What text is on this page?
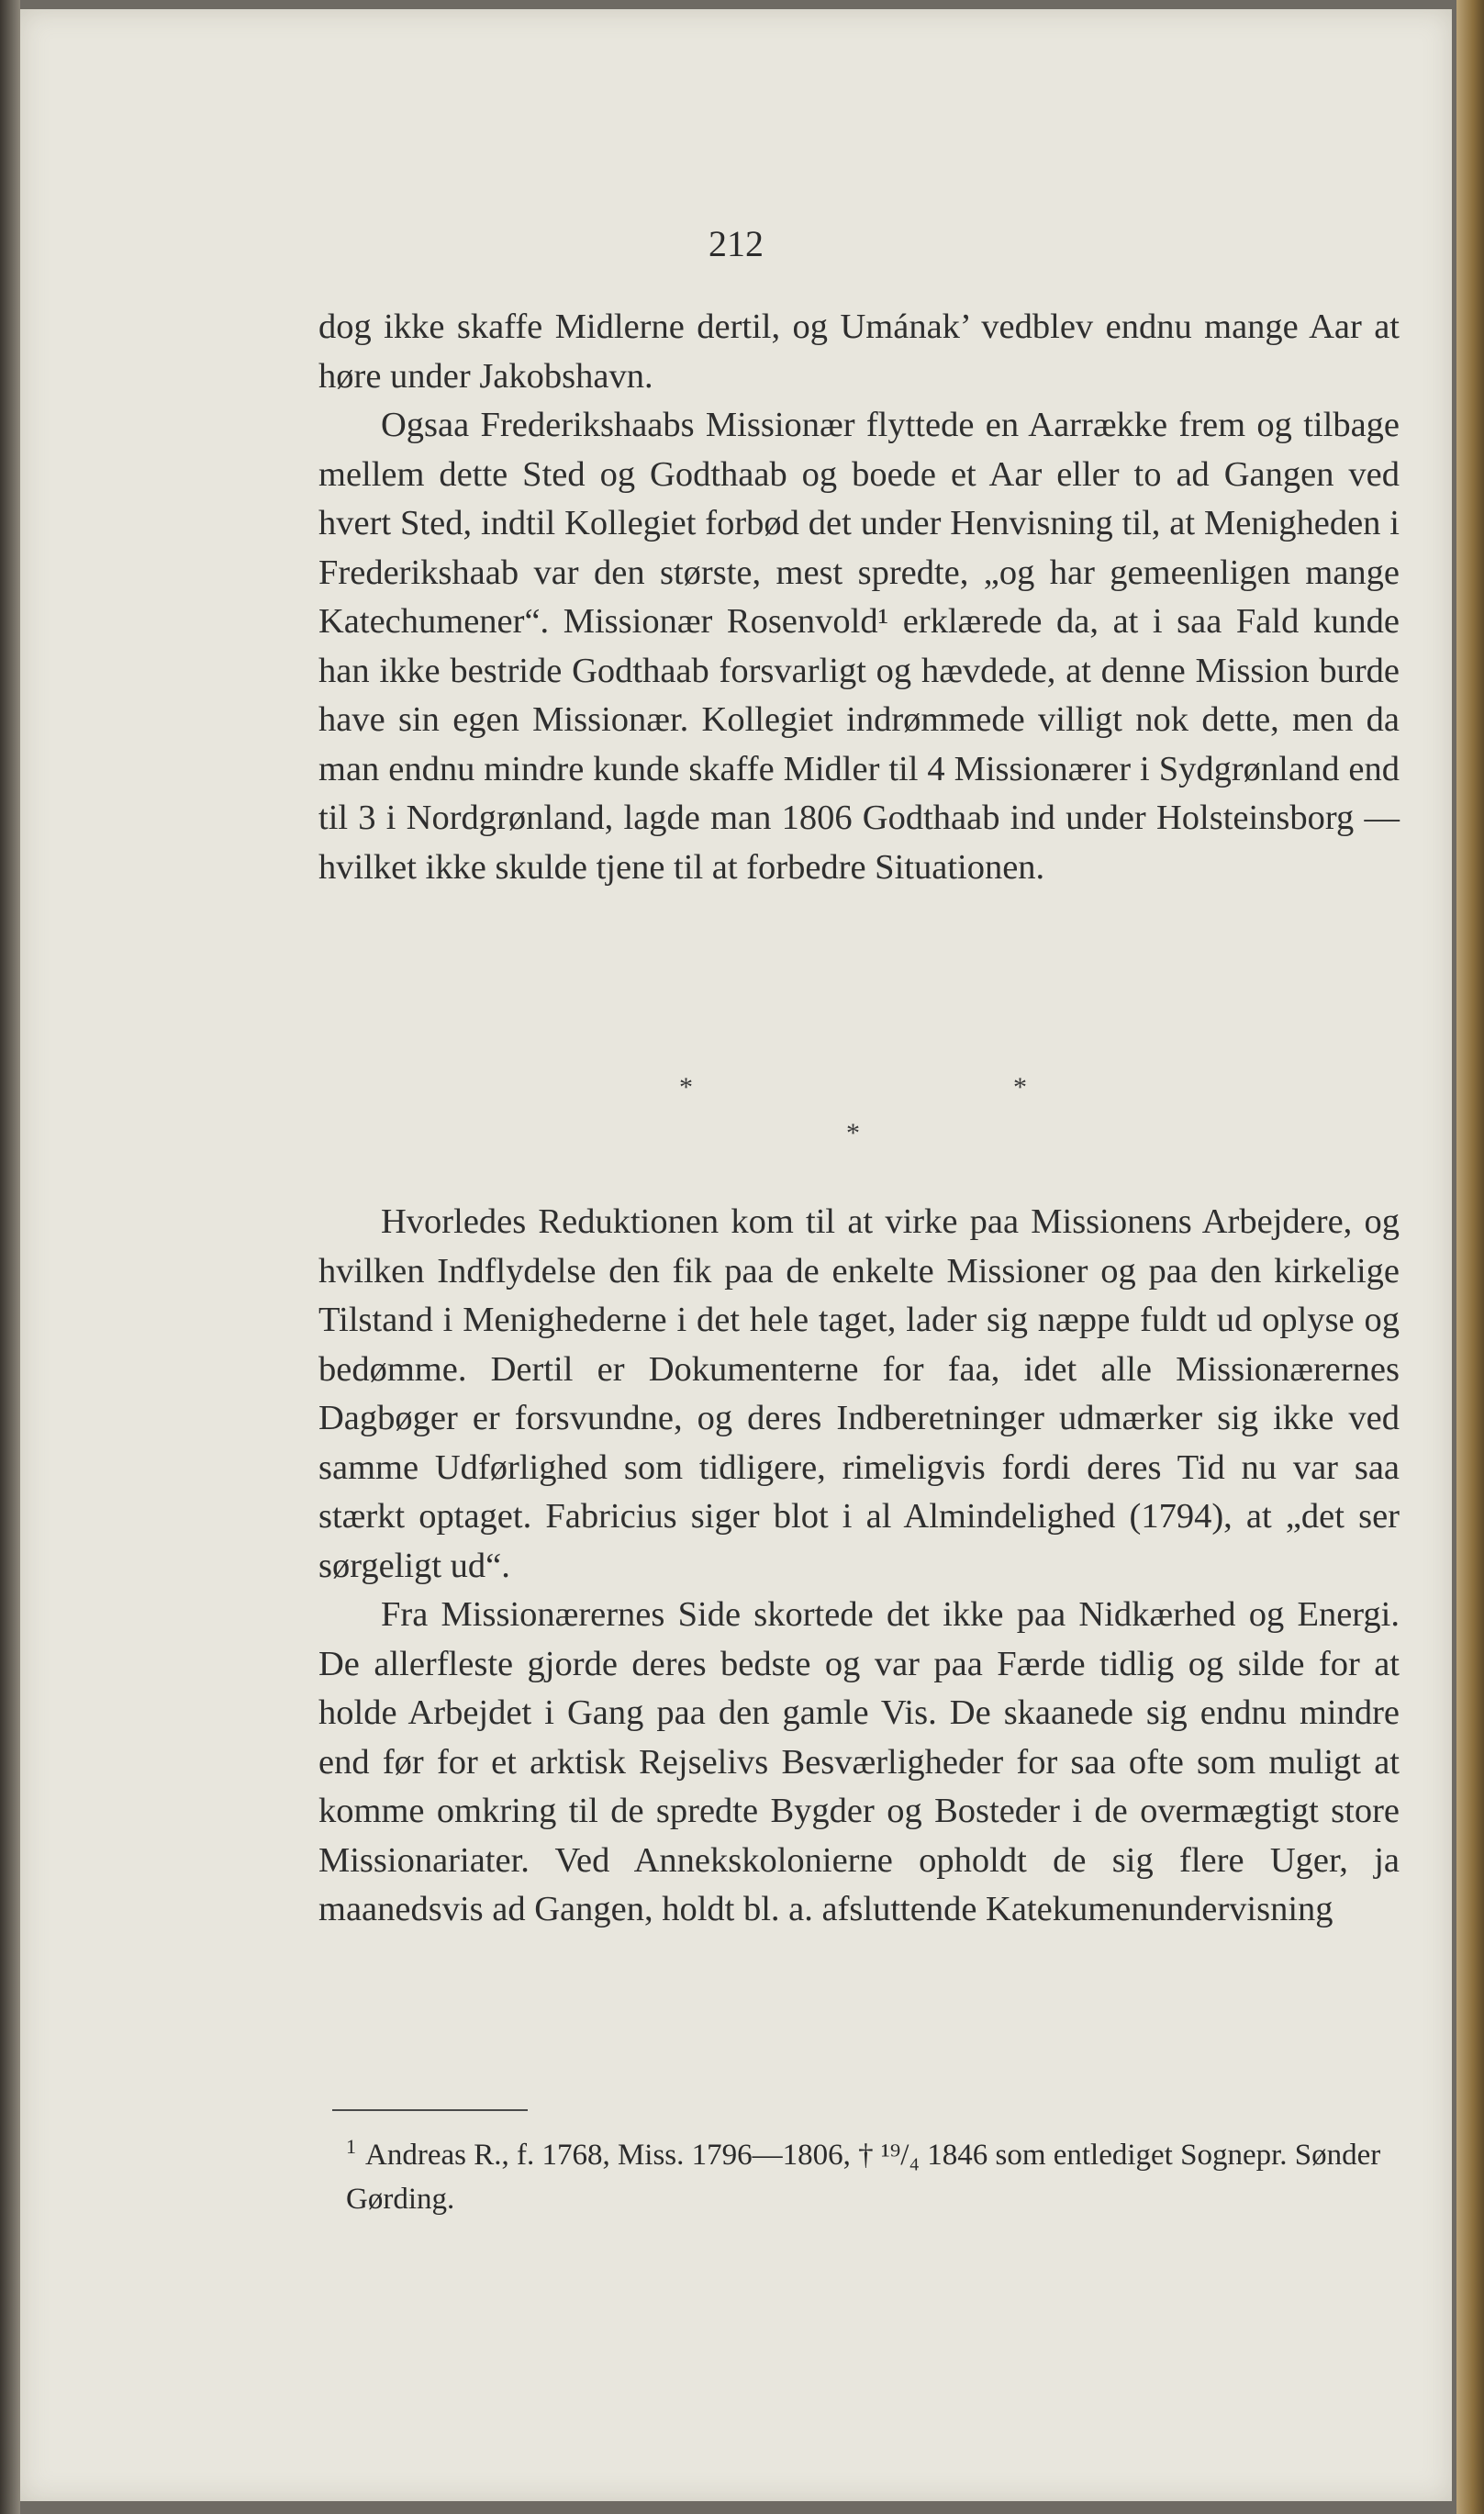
212

dog ikke skaffe Midlerne dertil, og Umának’ vedblev endnu mange Aar at høre under Jakobshavn.

Ogsaa Frederikshaabs Missionær flyttede en Aarrække frem og tilbage mellem dette Sted og Godthaab og boede et Aar eller to ad Gangen ved hvert Sted, indtil Kollegiet forbød det under Henvisning til, at Menigheden i Frederikshaab var den største, mest spredte, „og har gemeenligen mange Katechumener“. Missionær Rosenvold¹ erklærede da, at i saa Fald kunde han ikke bestride Godthaab forsvarligt og hævdede, at denne Mission burde have sin egen Missionær. Kollegiet indrømmede villigt nok dette, men da man endnu mindre kunde skaffe Midler til 4 Missionærer i Sydgrønland end til 3 i Nordgrønland, lagde man 1806 Godthaab ind under Holsteinsborg — hvilket ikke skulde tjene til at forbedre Situationen.

*	*
*

Hvorledes Reduktionen kom til at virke paa Missionens Arbejdere, og hvilken Indflydelse den fik paa de enkelte Missioner og paa den kirkelige Tilstand i Menighederne i det hele taget, lader sig næppe fuldt ud oplyse og bedømme. Dertil er Dokumenterne for faa, idet alle Missionærernes Dagbøger er forsvundne, og deres Indberetninger udmærker sig ikke ved samme Udførlighed som tidligere, rimeligvis fordi deres Tid nu var saa stærkt optaget. Fabricius siger blot i al Almindelighed (1794), at „det ser sørgeligt ud“.

Fra Missionærernes Side skortede det ikke paa Nidkærhed og Energi. De allerfleste gjorde deres bedste og var paa Færde tidlig og silde for at holde Arbejdet i Gang paa den gamle Vis. De skaanede sig endnu mindre end før for et arktisk Rejselivs Besværligheder for saa ofte som muligt at komme omkring til de spredte Bygder og Bosteder i de overmægtigt store Missionariater. Ved Annekskolonierne opholdt de sig flere Uger, ja maanedsvis ad Gangen, holdt bl. a. afsluttende Katekumenundervisning

$^1$ Andreas R., f. 1768, Miss. 1796—1806, † ¹⁹/₄ 1846 som entlediget Sognepr. Sønder Gørding.
